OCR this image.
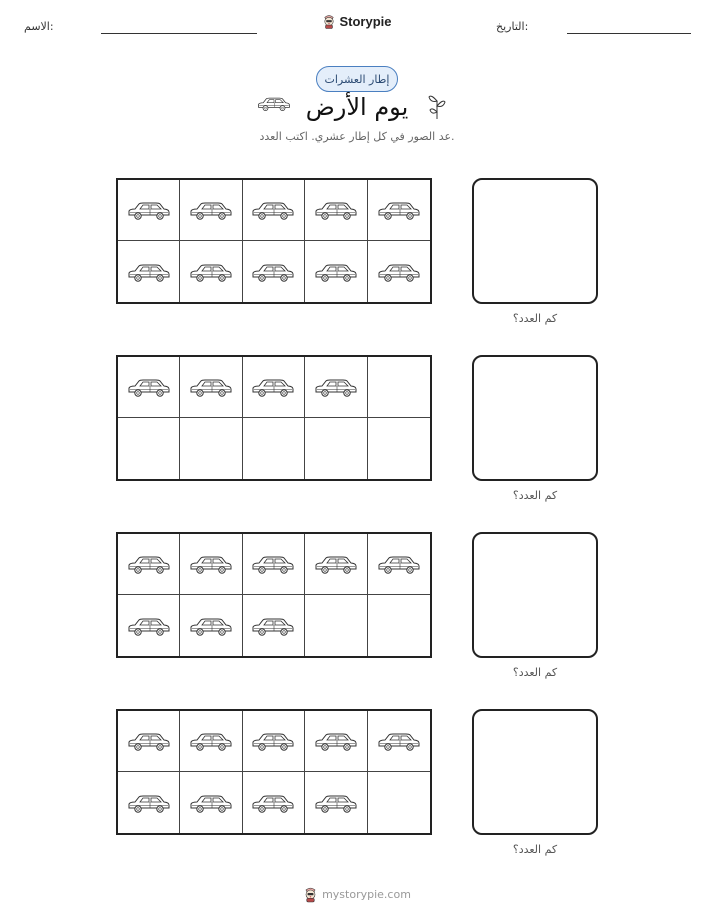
الاسم:	Storypie	التاريخ:
إطار العشرات
يوم الأرض
عد الصور في كل إطار عشري. اكتب العدد.
كم العدد؟
كم العدد؟
كم العدد؟
كم العدد؟
mystorypie.com
